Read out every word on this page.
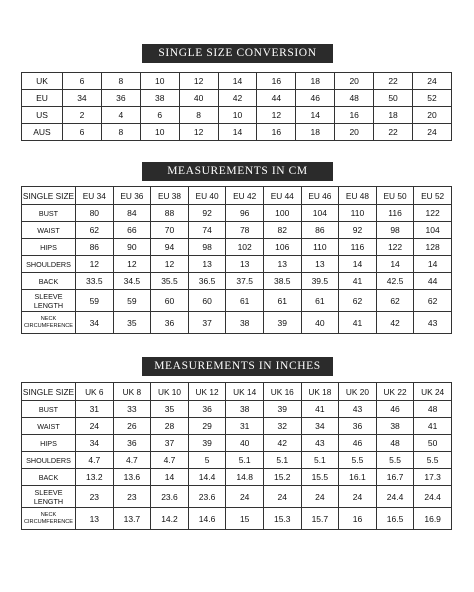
SINGLE SIZE CONVERSION
UK	6	8	10	12	14	16	18	20	22	24
EU	34	36	38	40	42	44	46	48	50	52
US	2	4	6	8	10	12	14	16	18	20
AUS	6	8	10	12	14	16	18	20	22	24
MEASUREMENTS IN CM
SINGLE SIZE	EU 34	EU 36	EU 38	EU 40	EU 42	EU 44	EU 46	EU 48	EU 50	EU 52
BUST	80	84	88	92	96	100	104	110	116	122
WAIST	62	66	70	74	78	82	86	92	98	104
HIPS	86	90	94	98	102	106	110	116	122	128
SHOULDERS	12	12	12	13	13	13	13	14	14	14
BACK	33.5	34.5	35.5	36.5	37.5	38.5	39.5	41	42.5	44
SLEEVE LENGTH	59	59	60	60	61	61	61	62	62	62
NECK CIRCUMFERENCE	34	35	36	37	38	39	40	41	42	43
MEASUREMENTS IN INCHES
SINGLE SIZE	UK 6	UK 8	UK 10	UK 12	UK 14	UK 16	UK 18	UK 20	UK 22	UK 24
BUST	31	33	35	36	38	39	41	43	46	48
WAIST	24	26	28	29	31	32	34	36	38	41
HIPS	34	36	37	39	40	42	43	46	48	50
SHOULDERS	4.7	4.7	4.7	5	5.1	5.1	5.1	5.5	5.5	5.5
BACK	13.2	13.6	14	14.4	14.8	15.2	15.5	16.1	16.7	17.3
SLEEVE LENGTH	23	23	23.6	23.6	24	24	24	24	24.4	24.4
NECK CIRCUMFERENCE	13	13.7	14.2	14.6	15	15.3	15.7	16	16.5	16.9
